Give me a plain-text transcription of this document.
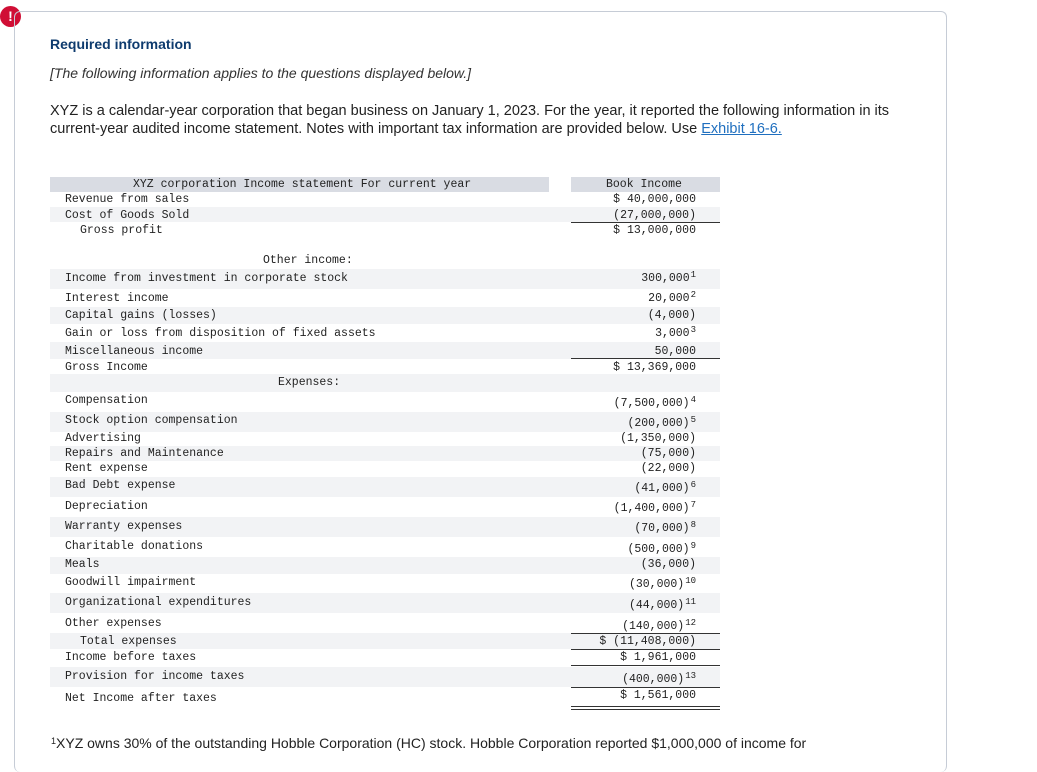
!
Required information
[The following information applies to the questions displayed below.]
XYZ is a calendar-year corporation that began business on January 1, 2023. For the year, it reported the following information in its current-year audited income statement. Notes with important tax information are provided below. Use Exhibit 16-6.
XYZ corporation Income statement For current year	Book Income
Revenue from sales	$ 40,000,000
Cost of Goods Sold	(27,000,000)
Gross profit	$ 13,000,000
Other income:
Income from investment in corporate stock	300,000$^1$
Interest income	20,000$^2$
Capital gains (losses)	(4,000)
Gain or loss from disposition of fixed assets	3,000$^3$
Miscellaneous income	50,000
Gross Income	$ 13,369,000
Expenses:
Compensation	$(7,500,000)^4$
Stock option compensation	$(200,000)^5$
Advertising	(1,350,000)
Repairs and Maintenance	(75,000)
Rent expense	(22,000)
Bad Debt expense	$(41,000)^6$
Depreciation	$(1,400,000)^7$
Warranty expenses	$(70,000)^8$
Charitable donations	$(500,000)^9$
Meals	(36,000)
Goodwill impairment	$(30,000)^{10}$
Organizational expenditures	$(44,000)^{11}$
Other expenses	$(140,000)^{12}$
Total expenses	$ (11,408,000)
Income before taxes	$ 1,961,000
Provision for income taxes	$(400,000)^{13}$
Net Income after taxes	$ 1,561,000
$^1$XYZ owns 30% of the outstanding Hobble Corporation (HC) stock. Hobble Corporation reported $1,000,000 of income for
